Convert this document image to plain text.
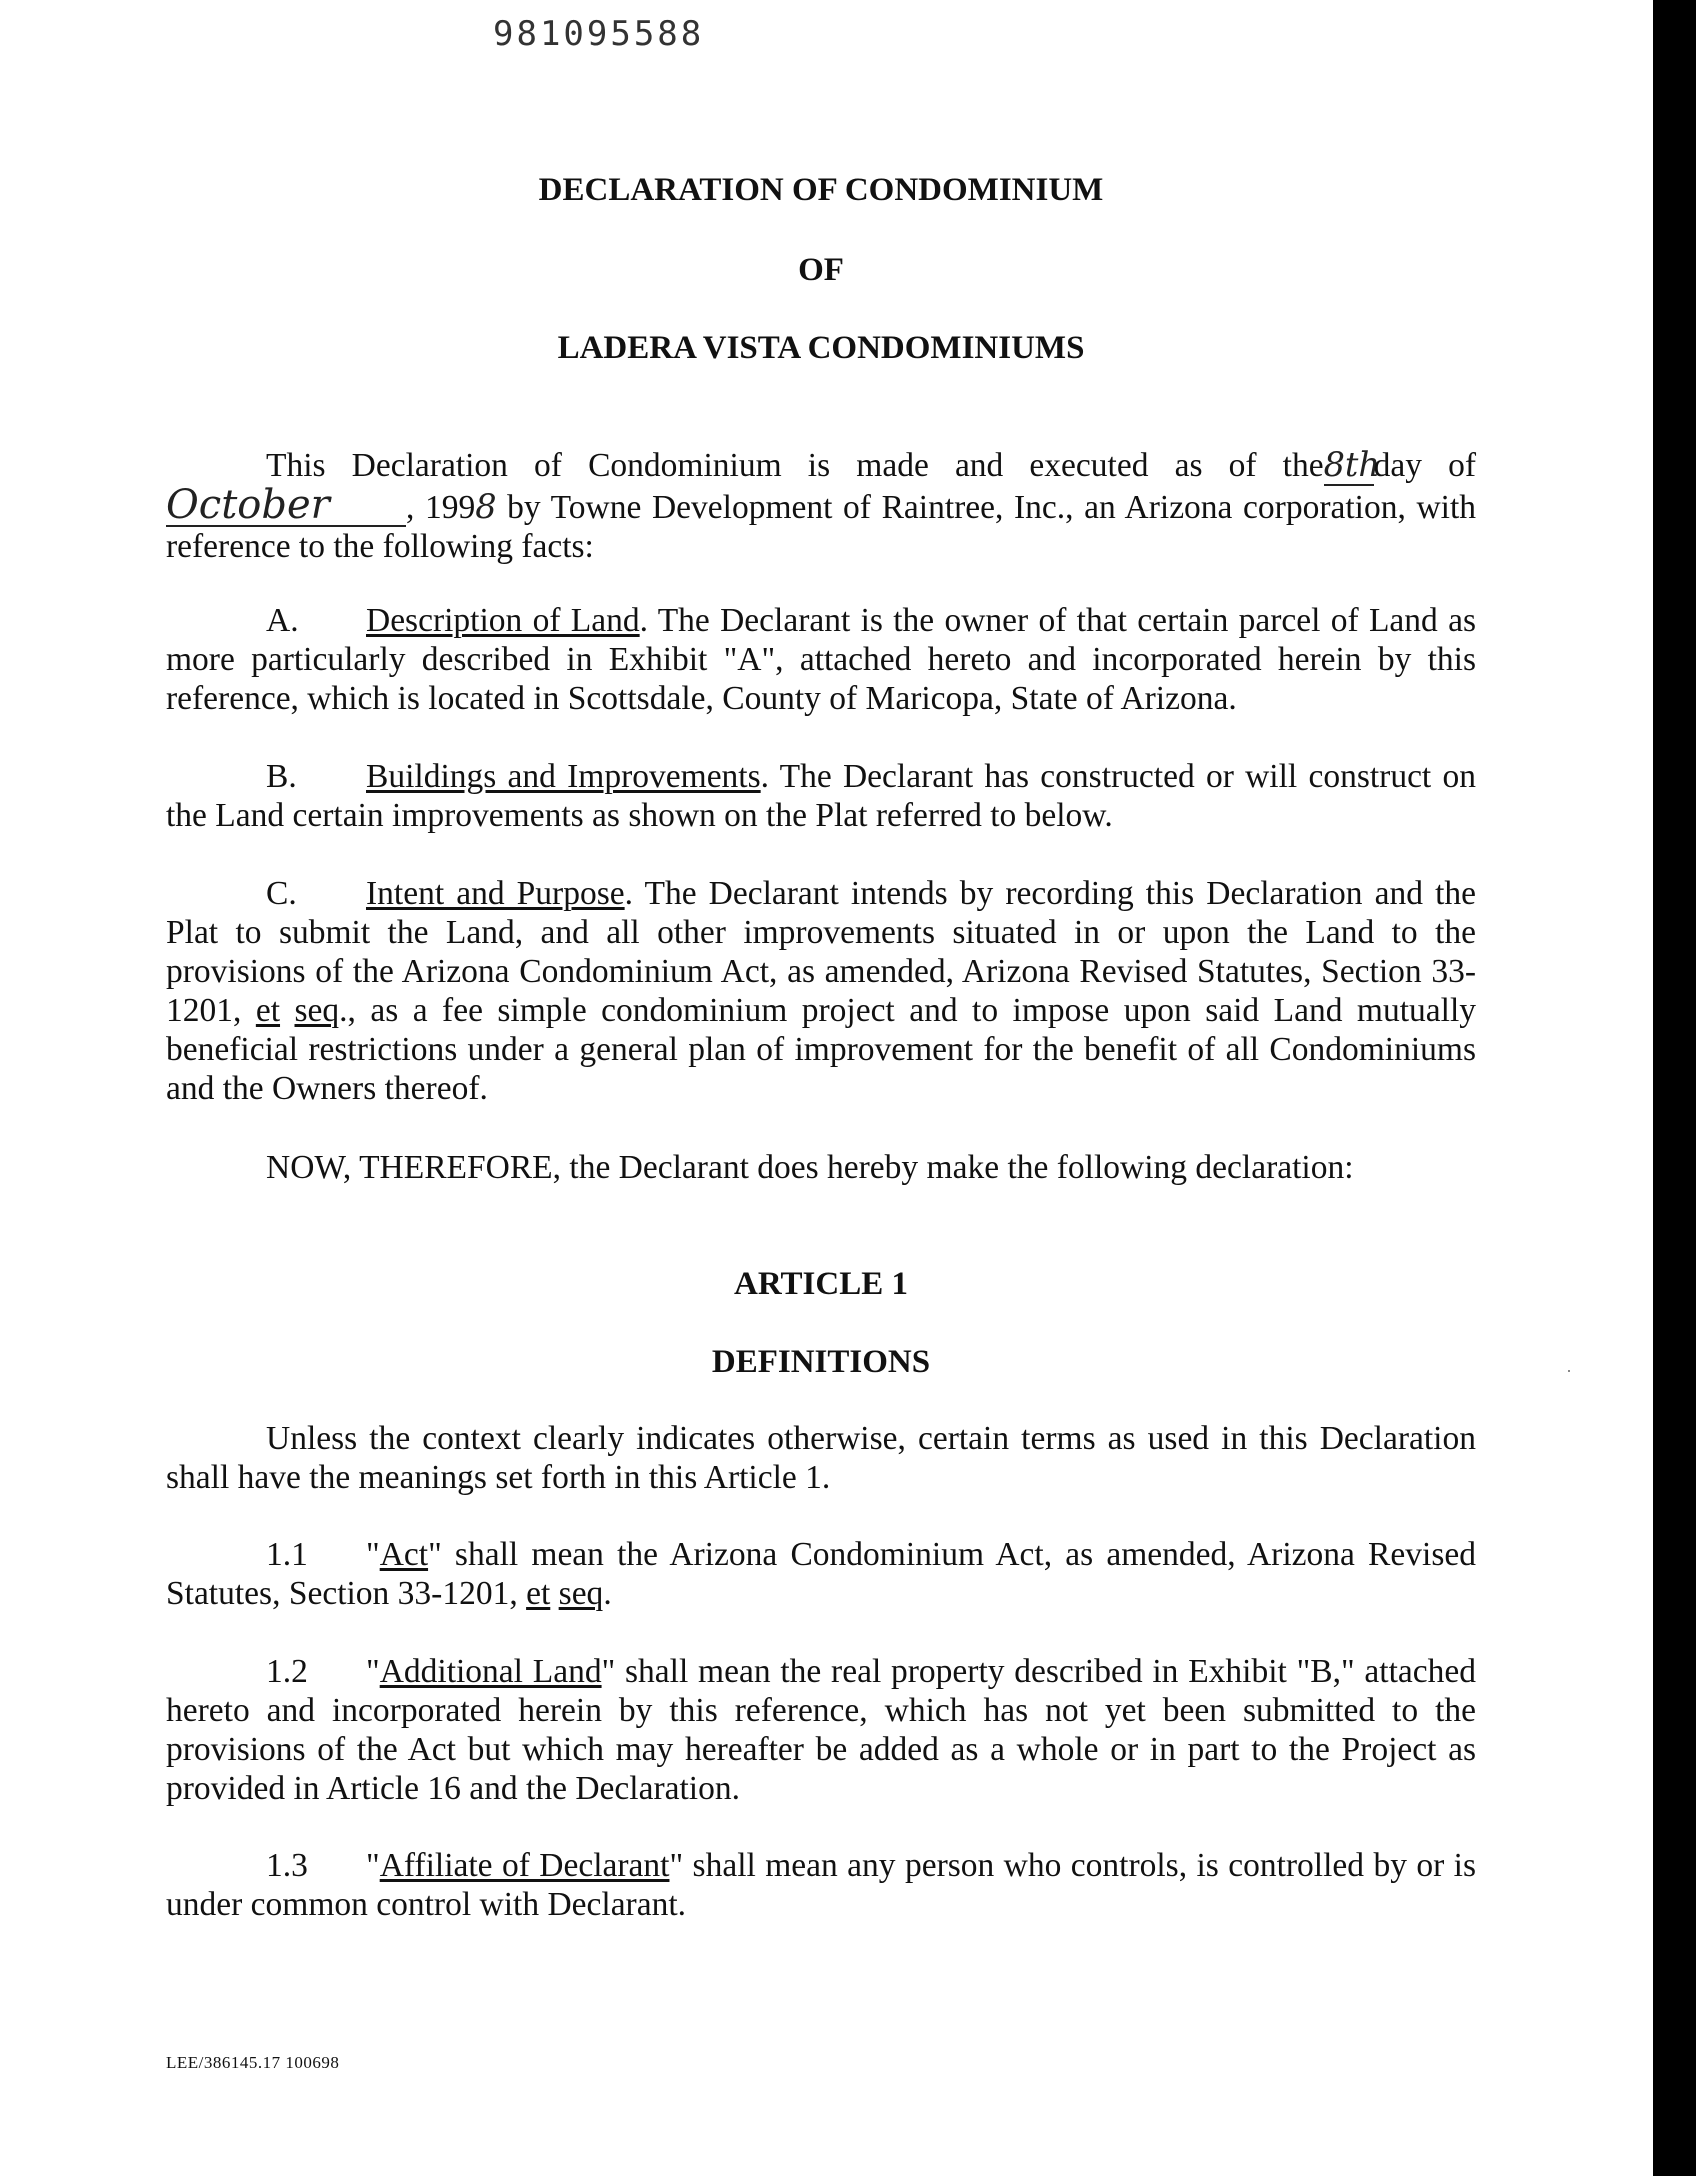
981095588
DECLARATION OF CONDOMINIUM
OF
LADERA VISTA CONDOMINIUMS
This Declaration of Condominium is made and executed as of the8thday of October , 1998 by Towne Development of Raintree, Inc., an Arizona corporation, with reference to the following facts:
A. Description of Land. The Declarant is the owner of that certain parcel of Land as more particularly described in Exhibit "A", attached hereto and incorporated herein by this reference, which is located in Scottsdale, County of Maricopa, State of Arizona.
B. Buildings and Improvements. The Declarant has constructed or will construct on the Land certain improvements as shown on the Plat referred to below.
C. Intent and Purpose. The Declarant intends by recording this Declaration and the Plat to submit the Land, and all other improvements situated in or upon the Land to the provisions of the Arizona Condominium Act, as amended, Arizona Revised Statutes, Section 33-1201, et seq., as a fee simple condominium project and to impose upon said Land mutually beneficial restrictions under a general plan of improvement for the benefit of all Condominiums and the Owners thereof.
NOW, THEREFORE, the Declarant does hereby make the following declaration:
ARTICLE 1
DEFINITIONS
Unless the context clearly indicates otherwise, certain terms as used in this Declaration shall have the meanings set forth in this Article 1.
1.1 "Act" shall mean the Arizona Condominium Act, as amended, Arizona Revised Statutes, Section 33-1201, et seq.
1.2 "Additional Land" shall mean the real property described in Exhibit "B," attached hereto and incorporated herein by this reference, which has not yet been submitted to the provisions of the Act but which may hereafter be added as a whole or in part to the Project as provided in Article 16 and the Declaration.
1.3 "Affiliate of Declarant" shall mean any person who controls, is controlled by or is under common control with Declarant.
LEE/386145.17 100698
